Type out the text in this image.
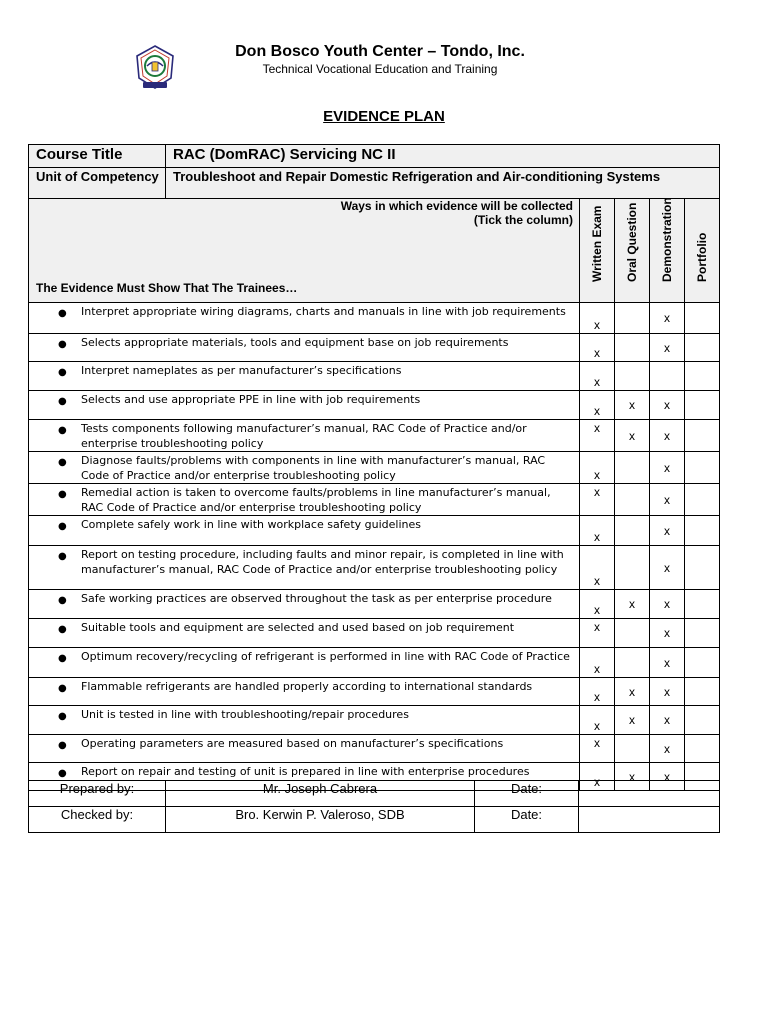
Don Bosco Youth Center – Tondo, Inc.
Technical Vocational Education and Training
EVIDENCE PLAN
Course Title	RAC (DomRAC) Servicing NC II				
Unit of Competency	Troubleshoot and Repair Domestic Refrigeration and Air-conditioning Systems				

Ways in which evidence will be collected
(Tick the column)
The Evidence Must Show That The Trainees…		Written Exam	Oral Question	Demonstration	Portfolio

● Interpret appropriate wiring diagrams, charts and manuals in line with job requirements		x		x	

● Selects appropriate materials, tools and equipment base on job requirements		x		x	

● Interpret nameplates as per manufacturer’s specifications		x			

● Selects and use appropriate PPE in line with job requirements		x	x	x	

● Tests components following manufacturer’s manual, RAC Code of Practice and/or enterprise troubleshooting policy		x	x	x	

● Diagnose faults/problems with components in line with manufacturer’s manual, RAC Code of Practice and/or enterprise troubleshooting policy		x		x	

● Remedial action is taken to overcome faults/problems in line manufacturer’s manual, RAC Code of Practice and/or enterprise troubleshooting policy		x		x	

● Complete safely work in line with workplace safety guidelines		x		x	

● Report on testing procedure, including faults and minor repair, is completed in line with manufacturer’s manual, RAC Code of Practice and/or enterprise troubleshooting policy		x		x	

● Safe working practices are observed throughout the task as per enterprise procedure		x	x	x	

● Suitable tools and equipment are selected and used based on job requirement		x		x	

● Optimum recovery/recycling of refrigerant is performed in line with RAC Code of Practice		x		x	

● Flammable refrigerants are handled properly according to international standards		x	x	x	

● Unit is tested in line with troubleshooting/repair procedures		x	x	x	

● Operating parameters are measured based on manufacturer’s specifications		x		x	

● Report on repair and testing of unit is prepared in line with enterprise procedures		x	x	x	

Prepared by:	Mr. Joseph Cabrera	Date:	
Checked by:	Bro. Kerwin P. Valeroso, SDB	Date:	
